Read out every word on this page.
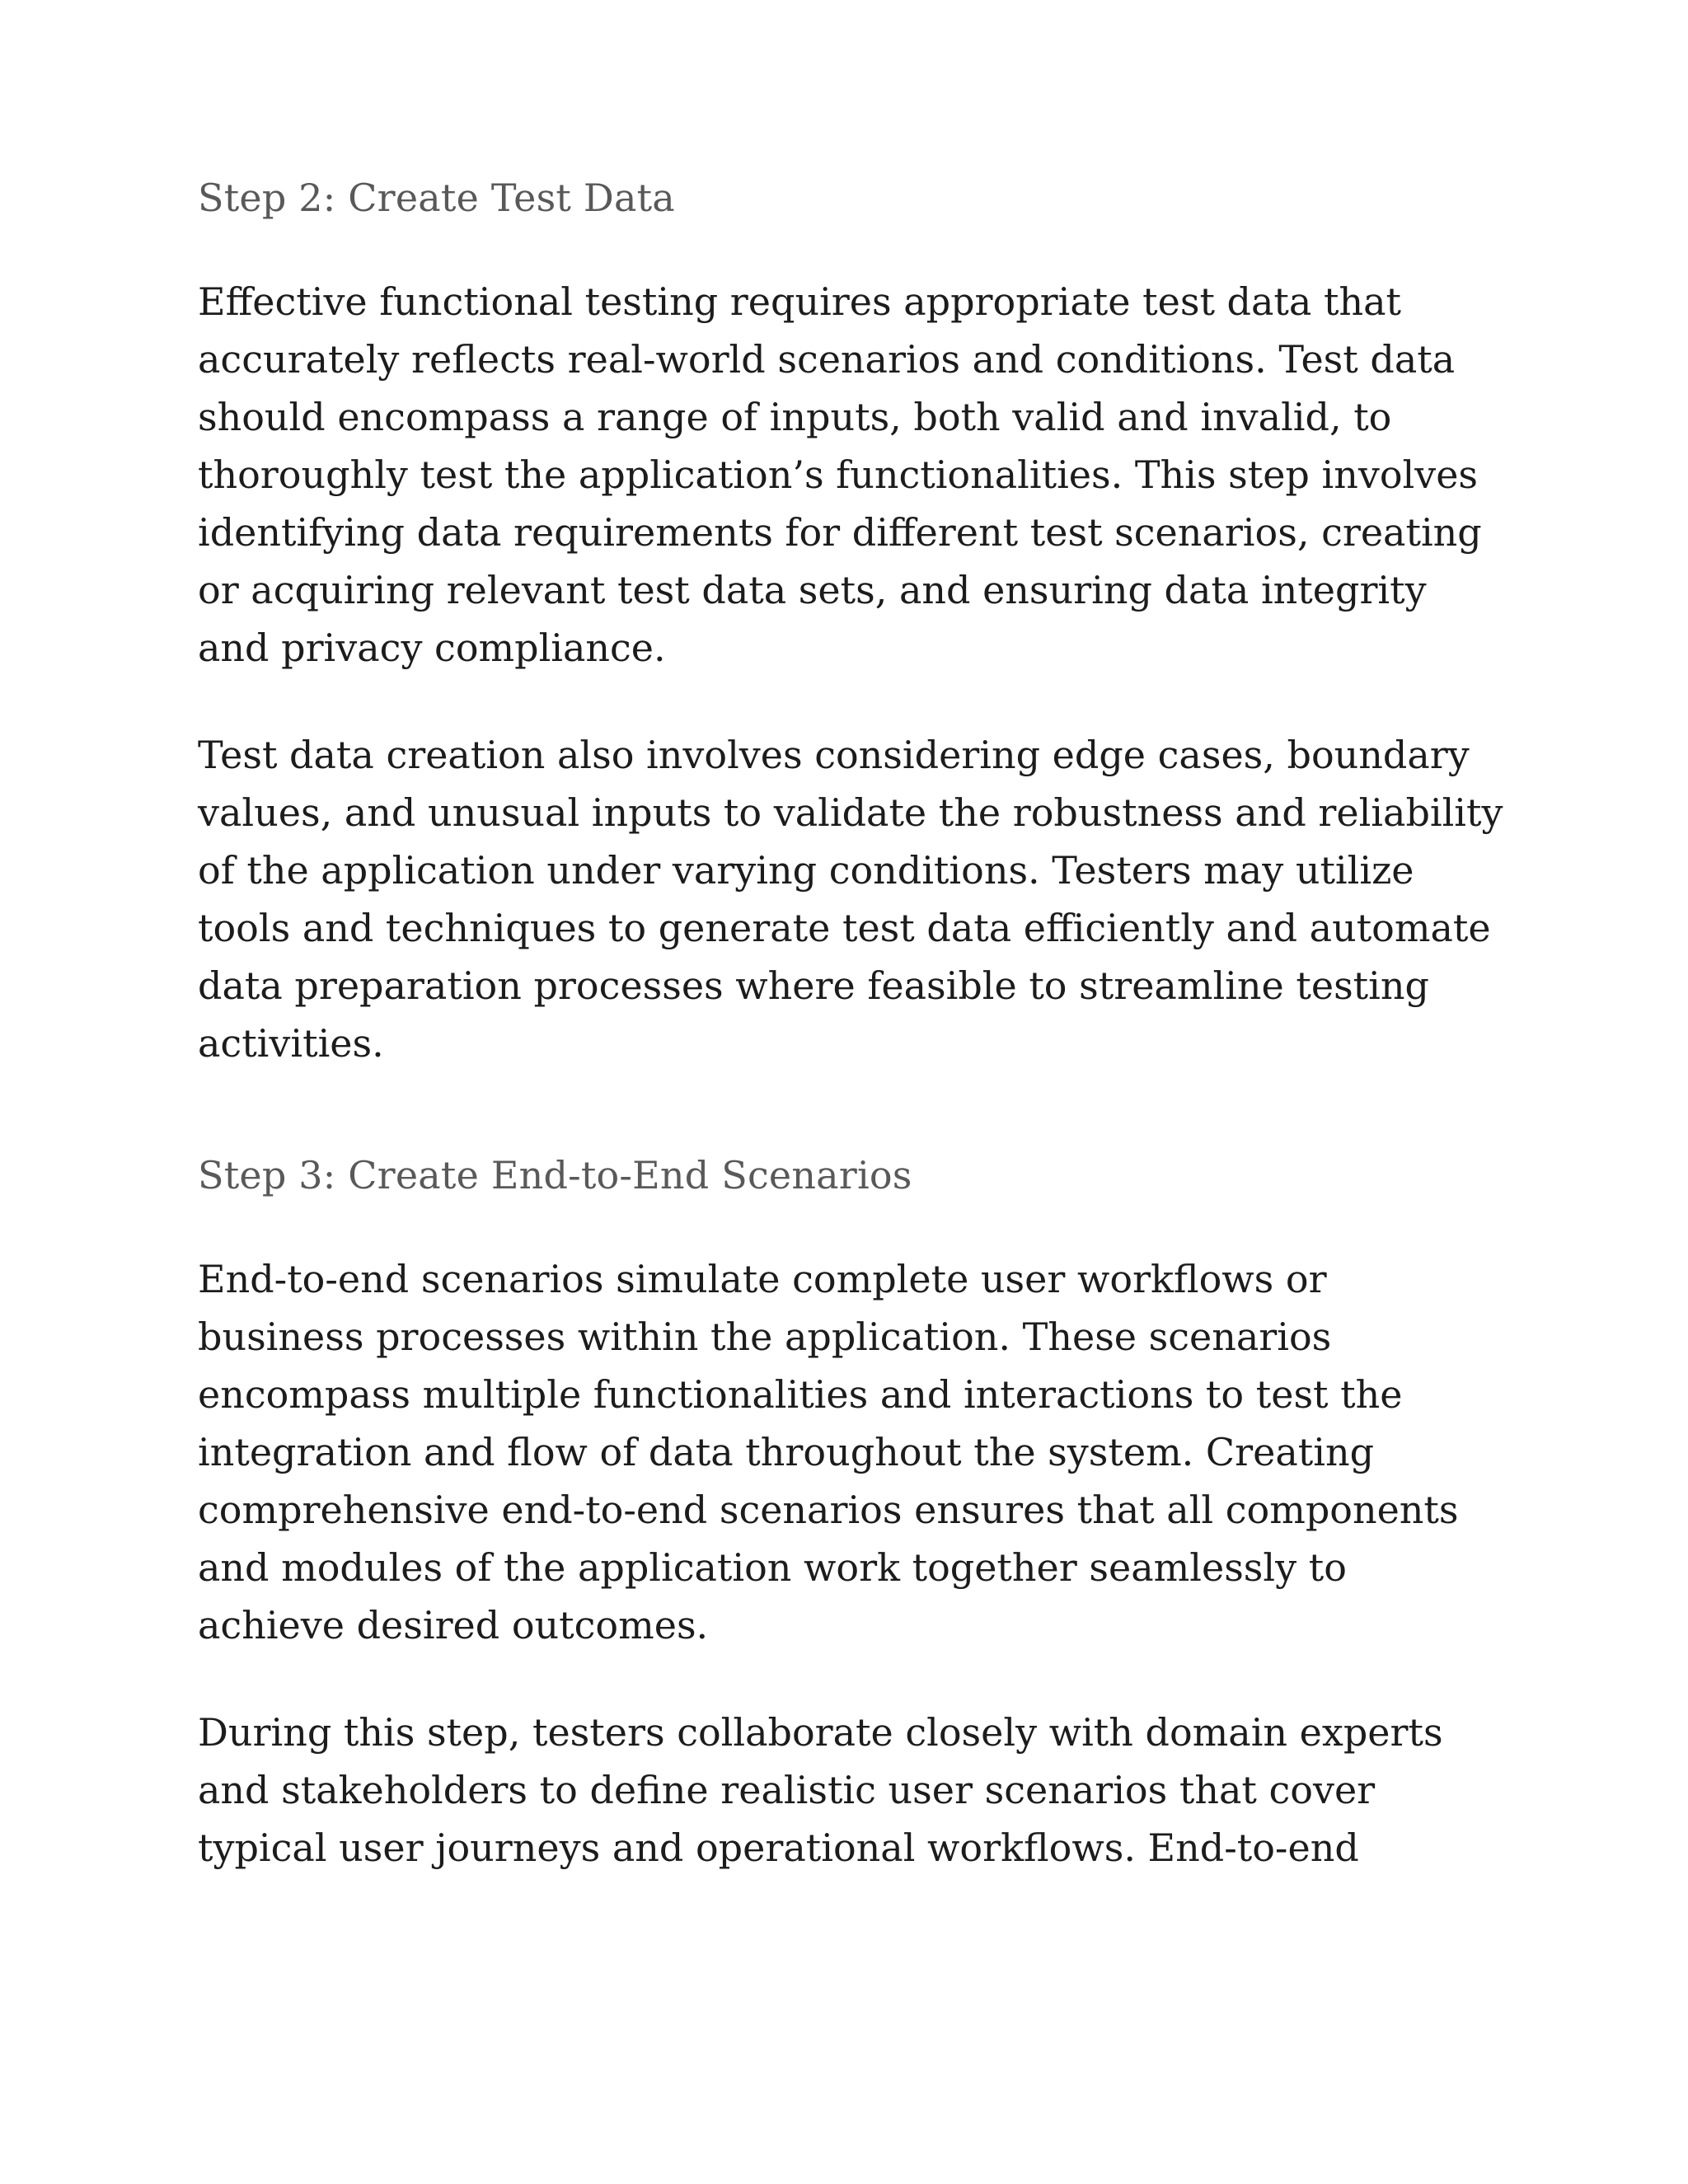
Step 2: Create Test Data

Effective functional testing requires appropriate test data that
accurately reflects real-world scenarios and conditions. Test data
should encompass a range of inputs, both valid and invalid, to
thoroughly test the application’s functionalities. This step involves
identifying data requirements for different test scenarios, creating
or acquiring relevant test data sets, and ensuring data integrity
and privacy compliance.

Test data creation also involves considering edge cases, boundary
values, and unusual inputs to validate the robustness and reliability
of the application under varying conditions. Testers may utilize
tools and techniques to generate test data efficiently and automate
data preparation processes where feasible to streamline testing
activities.

Step 3: Create End-to-End Scenarios

End-to-end scenarios simulate complete user workflows or
business processes within the application. These scenarios
encompass multiple functionalities and interactions to test the
integration and flow of data throughout the system. Creating
comprehensive end-to-end scenarios ensures that all components
and modules of the application work together seamlessly to
achieve desired outcomes.

During this step, testers collaborate closely with domain experts
and stakeholders to define realistic user scenarios that cover
typical user journeys and operational workflows. End-to-end
